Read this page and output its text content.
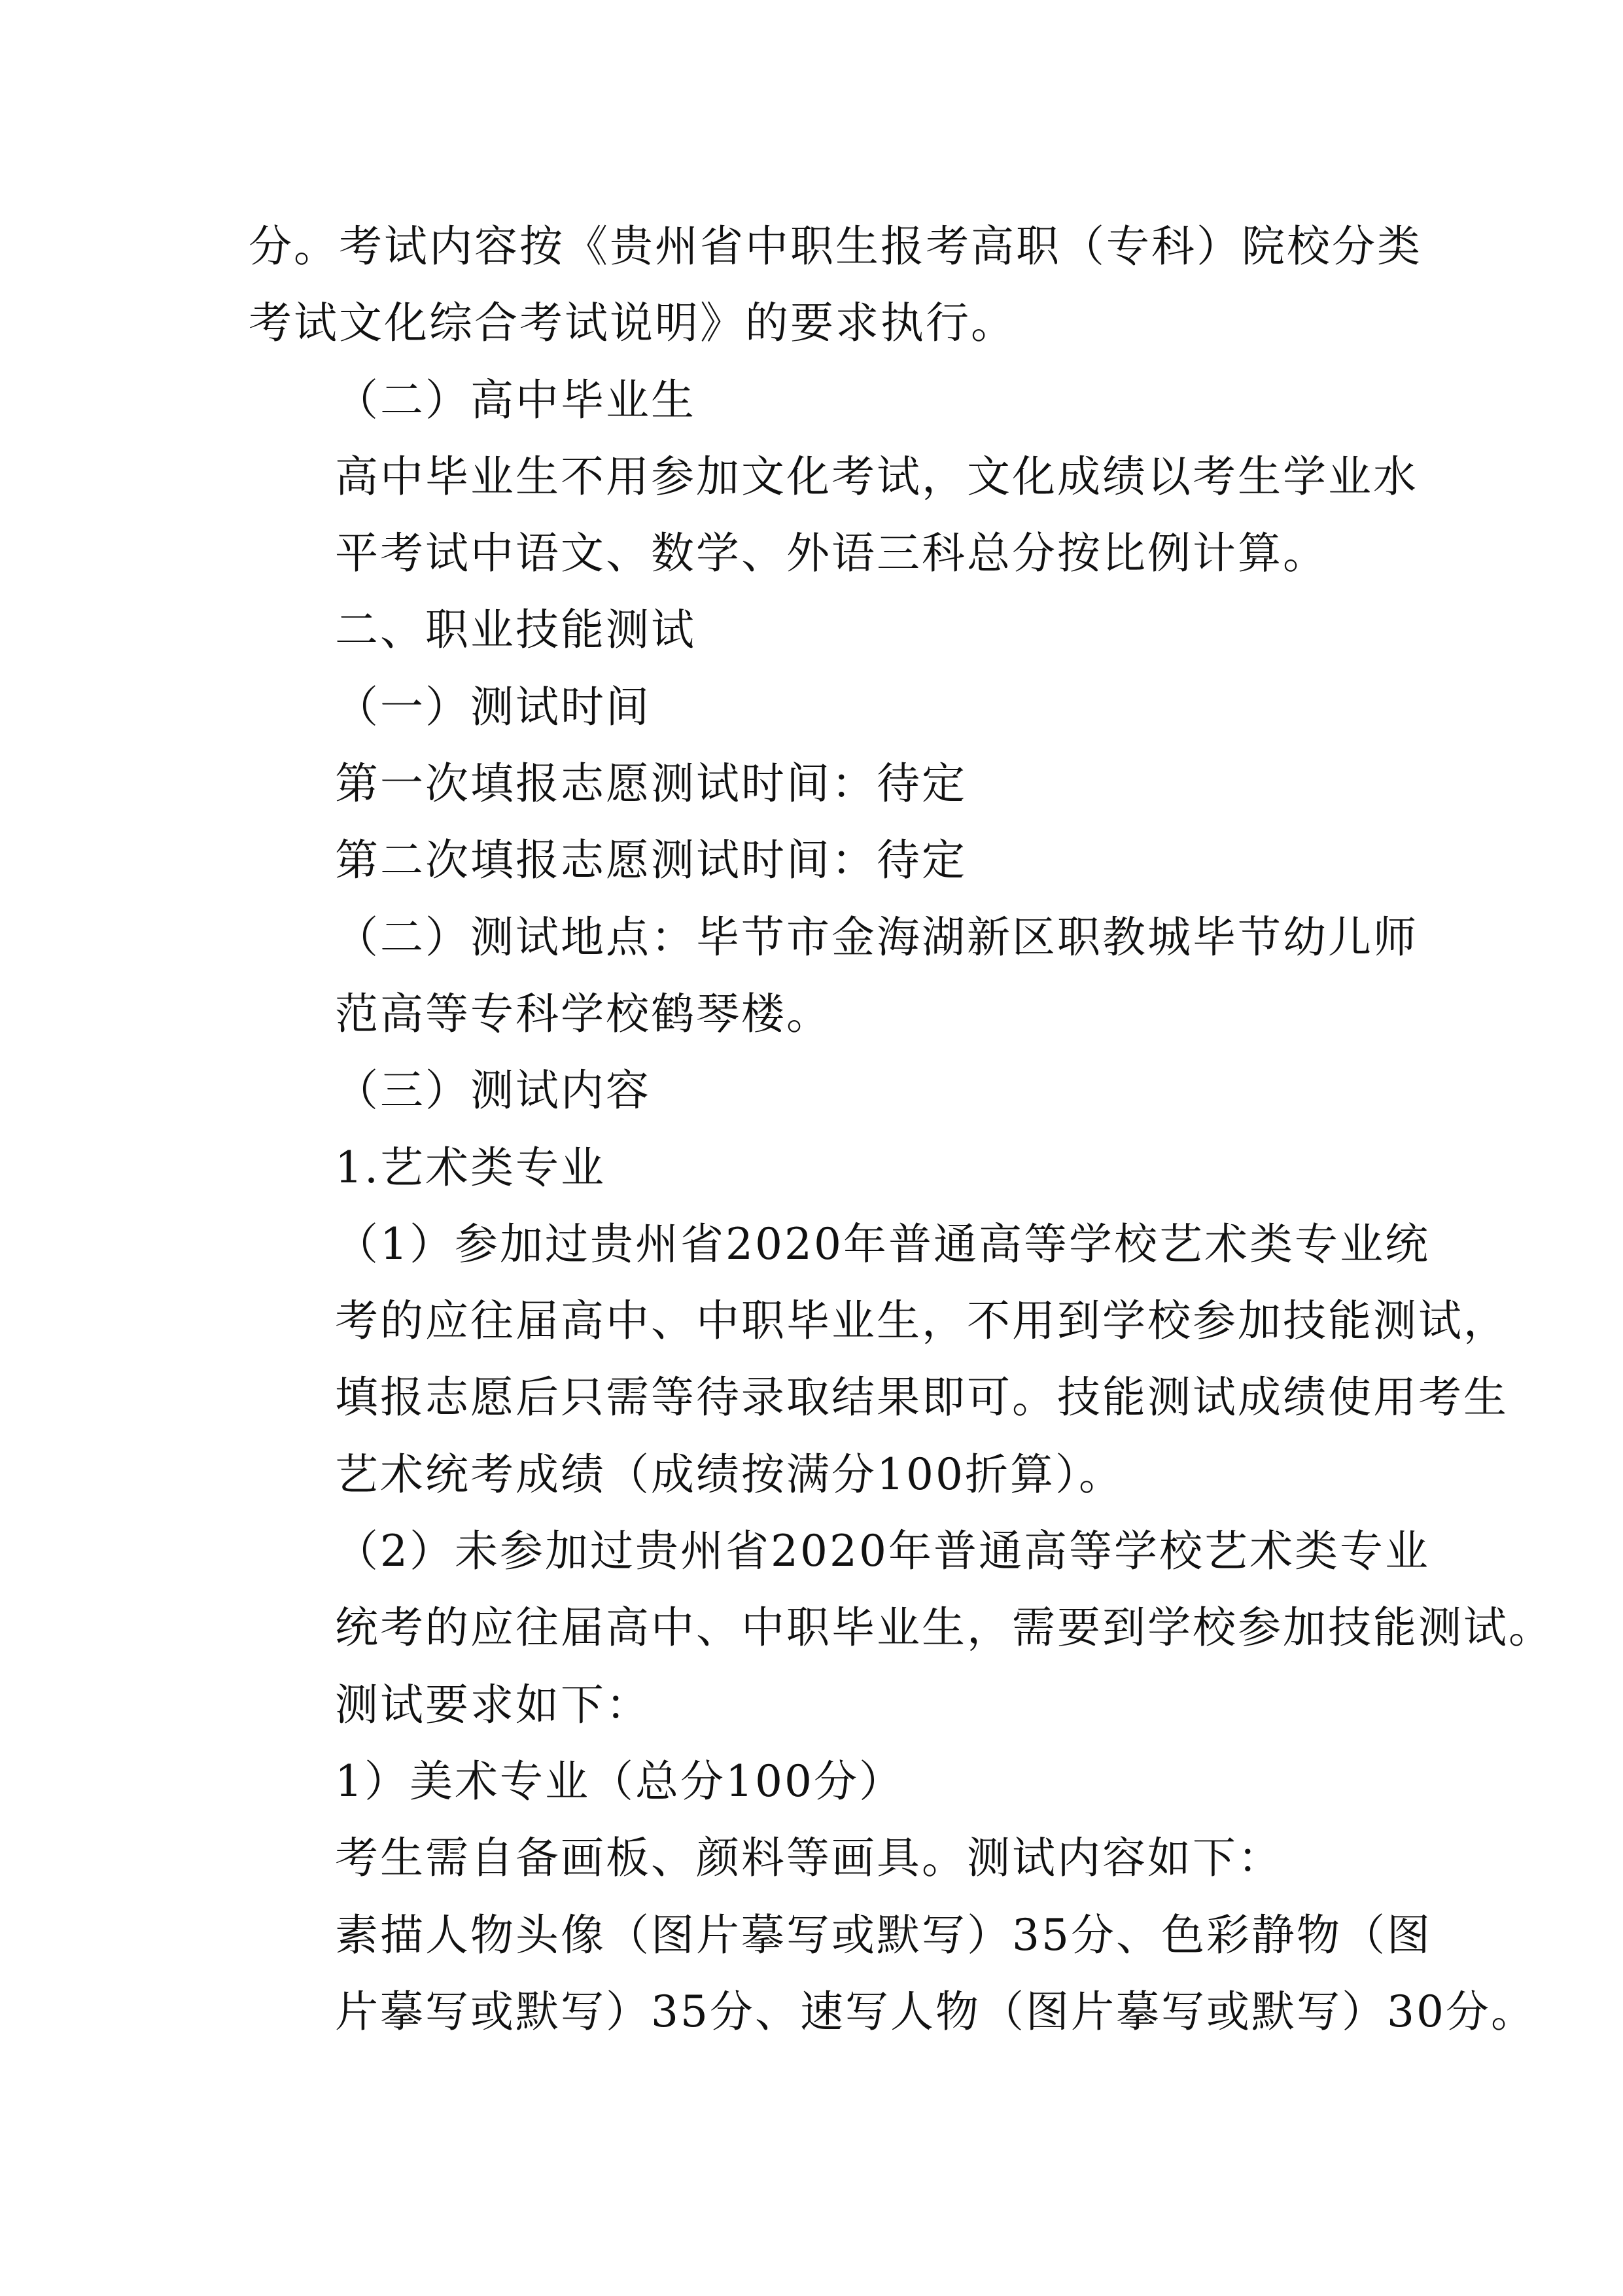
分。考试内容按《贵州省中职生报考高职（专科）院校分类
考试文化综合考试说明》的要求执行。

（二）高中毕业生

高中毕业生不用参加文化考试，文化成绩以考生学业水
平考试中语文、数学、外语三科总分按比例计算。

二、职业技能测试

（一）测试时间

第一次填报志愿测试时间：待定

第二次填报志愿测试时间：待定

（二）测试地点：毕节市金海湖新区职教城毕节幼儿师
范高等专科学校鹤琴楼。

（三）测试内容

1.艺术类专业

（1）参加过贵州省2020年普通高等学校艺术类专业统
考的应往届高中、中职毕业生，不用到学校参加技能测试，
填报志愿后只需等待录取结果即可。技能测试成绩使用考生
艺术统考成绩（成绩按满分100折算）。

（2）未参加过贵州省2020年普通高等学校艺术类专业
统考的应往届高中、中职毕业生，需要到学校参加技能测试。

测试要求如下：

1）美术专业（总分100分）

考生需自备画板、颜料等画具。测试内容如下：

素描人物头像（图片摹写或默写）35分、色彩静物（图
片摹写或默写）35分、速写人物（图片摹写或默写）30分。
